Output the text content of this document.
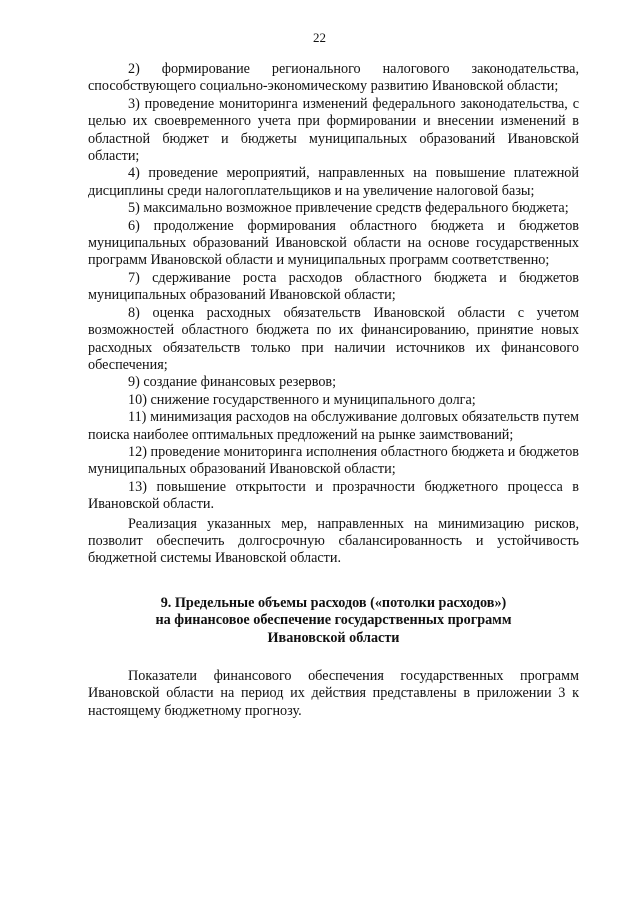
22

2) формирование регионального налогового законодательства, способствующего социально-экономическому развитию Ивановской области;

3) проведение мониторинга изменений федерального законодательства, с целью их своевременного учета при формировании и внесении изменений в областной бюджет и бюджеты муниципальных образований Ивановской области;

4) проведение мероприятий, направленных на повышение платежной дисциплины среди налогоплательщиков и на увеличение налоговой базы;

5) максимально возможное привлечение средств федерального бюджета;

6) продолжение формирования областного бюджета и бюджетов муниципальных образований Ивановской области на основе государственных программ Ивановской области и муниципальных программ соответственно;

7) сдерживание роста расходов областного бюджета и бюджетов муниципальных образований Ивановской области;

8) оценка расходных обязательств Ивановской области с учетом возможностей областного бюджета по их финансированию, принятие новых расходных обязательств только при наличии источников их финансового обеспечения;

9) создание финансовых резервов;

10) снижение государственного и муниципального долга;

11) минимизация расходов на обслуживание долговых обязательств путем поиска наиболее оптимальных предложений на рынке заимствований;

12) проведение мониторинга исполнения областного бюджета и бюджетов муниципальных образований Ивановской области;

13) повышение открытости и прозрачности бюджетного процесса в Ивановской области.

Реализация указанных мер, направленных на минимизацию рисков, позволит обеспечить долгосрочную сбалансированность и устойчивость бюджетной системы Ивановской области.

9. Предельные объемы расходов («потолки расходов»)
на финансовое обеспечение государственных программ
Ивановской области

Показатели финансового обеспечения государственных программ Ивановской области на период их действия представлены в приложении 3 к настоящему бюджетному прогнозу.
